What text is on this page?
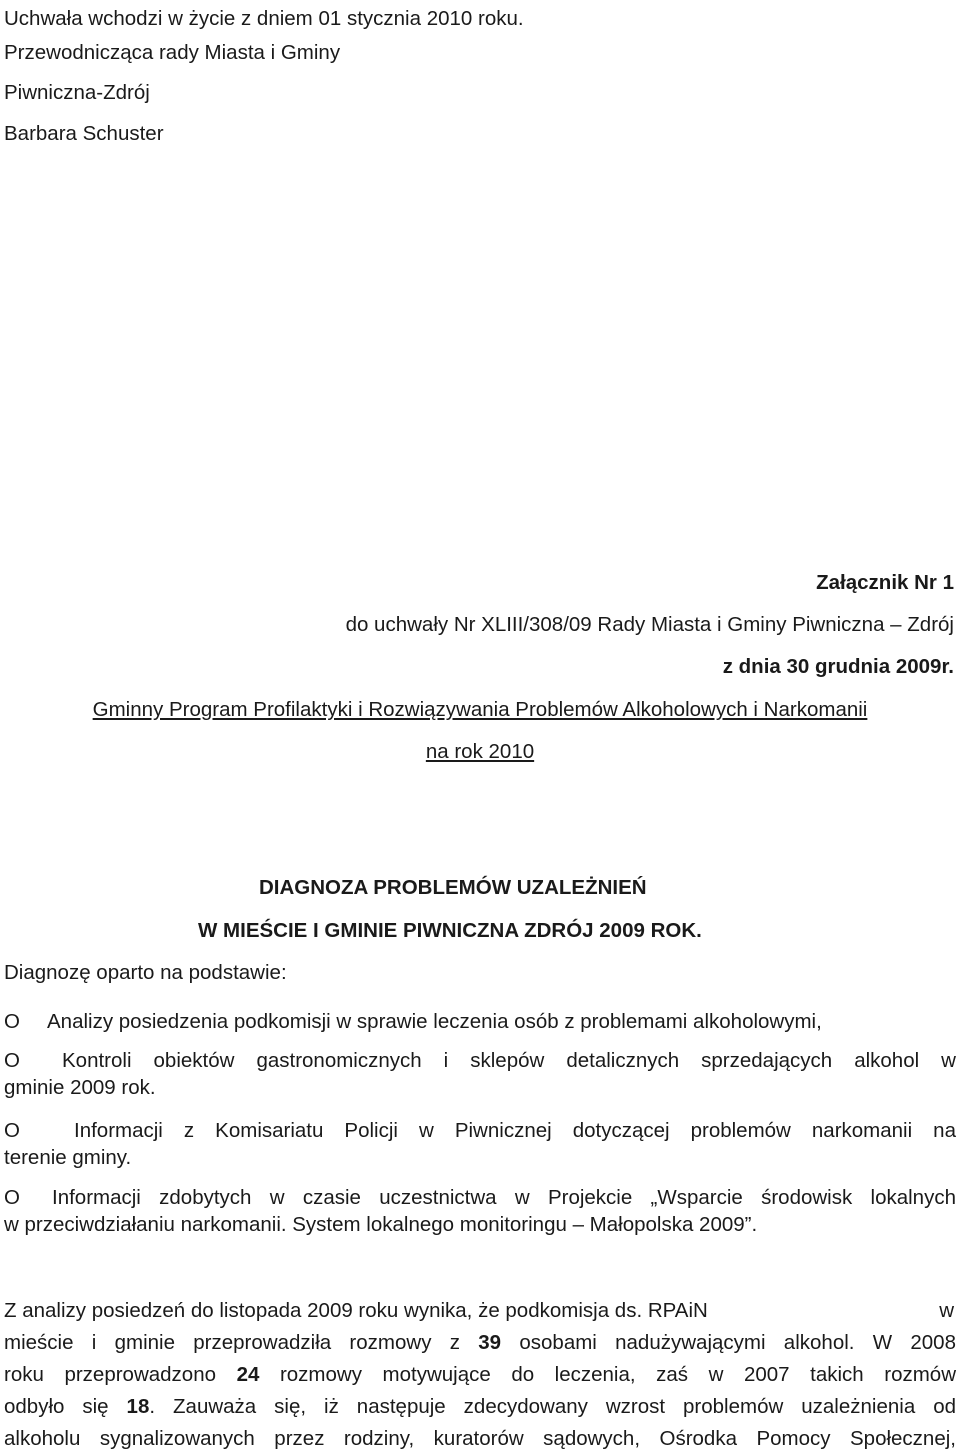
Uchwała wchodzi w życie z dniem 01 stycznia 2010 roku.
Przewodnicząca rady Miasta i Gminy
Piwniczna-Zdrój
Barbara Schuster
Załącznik Nr 1
do uchwały Nr XLIII/308/09 Rady Miasta i Gminy Piwniczna – Zdrój
z dnia 30 grudnia 2009r.
Gminny Program Profilaktyki i Rozwiązywania Problemów Alkoholowych i Narkomanii
na rok 2010
DIAGNOZA PROBLEMÓW UZALEŻNIEŃ
W MIEŚCIE I GMINIE PIWNICZNA ZDRÓJ 2009 ROK.
Diagnozę oparto na podstawie:
O Analizy posiedzenia podkomisji w sprawie leczenia osób z problemami alkoholowymi,
O Kontroli obiektów gastronomicznych i sklepów detalicznych sprzedających alkohol w
gminie 2009 rok.
O	Informacji z Komisariatu Policji w Piwnicznej dotyczącej problemów narkomanii na
terenie gminy.
O Informacji zdobytych w czasie uczestnictwa w Projekcie „Wsparcie środowisk lokalnych
w przeciwdziałaniu narkomanii. System lokalnego monitoringu – Małopolska 2009”.
Z analizy posiedzeń do listopada 2009 roku wynika, że podkomisja ds. RPAiN	w
mieście i gminie przeprowadziła rozmowy z 39 osobami nadużywającymi alkohol. W 2008
roku przeprowadzono 24 rozmowy motywujące do leczenia, zaś w 2007 takich rozmów
odbyło się 18. Zauważa się, iż następuje zdecydowany wzrost problemów uzależnienia od
alkoholu sygnalizowanych przez rodziny, kuratorów sądowych, Ośrodka Pomocy Społecznej,
